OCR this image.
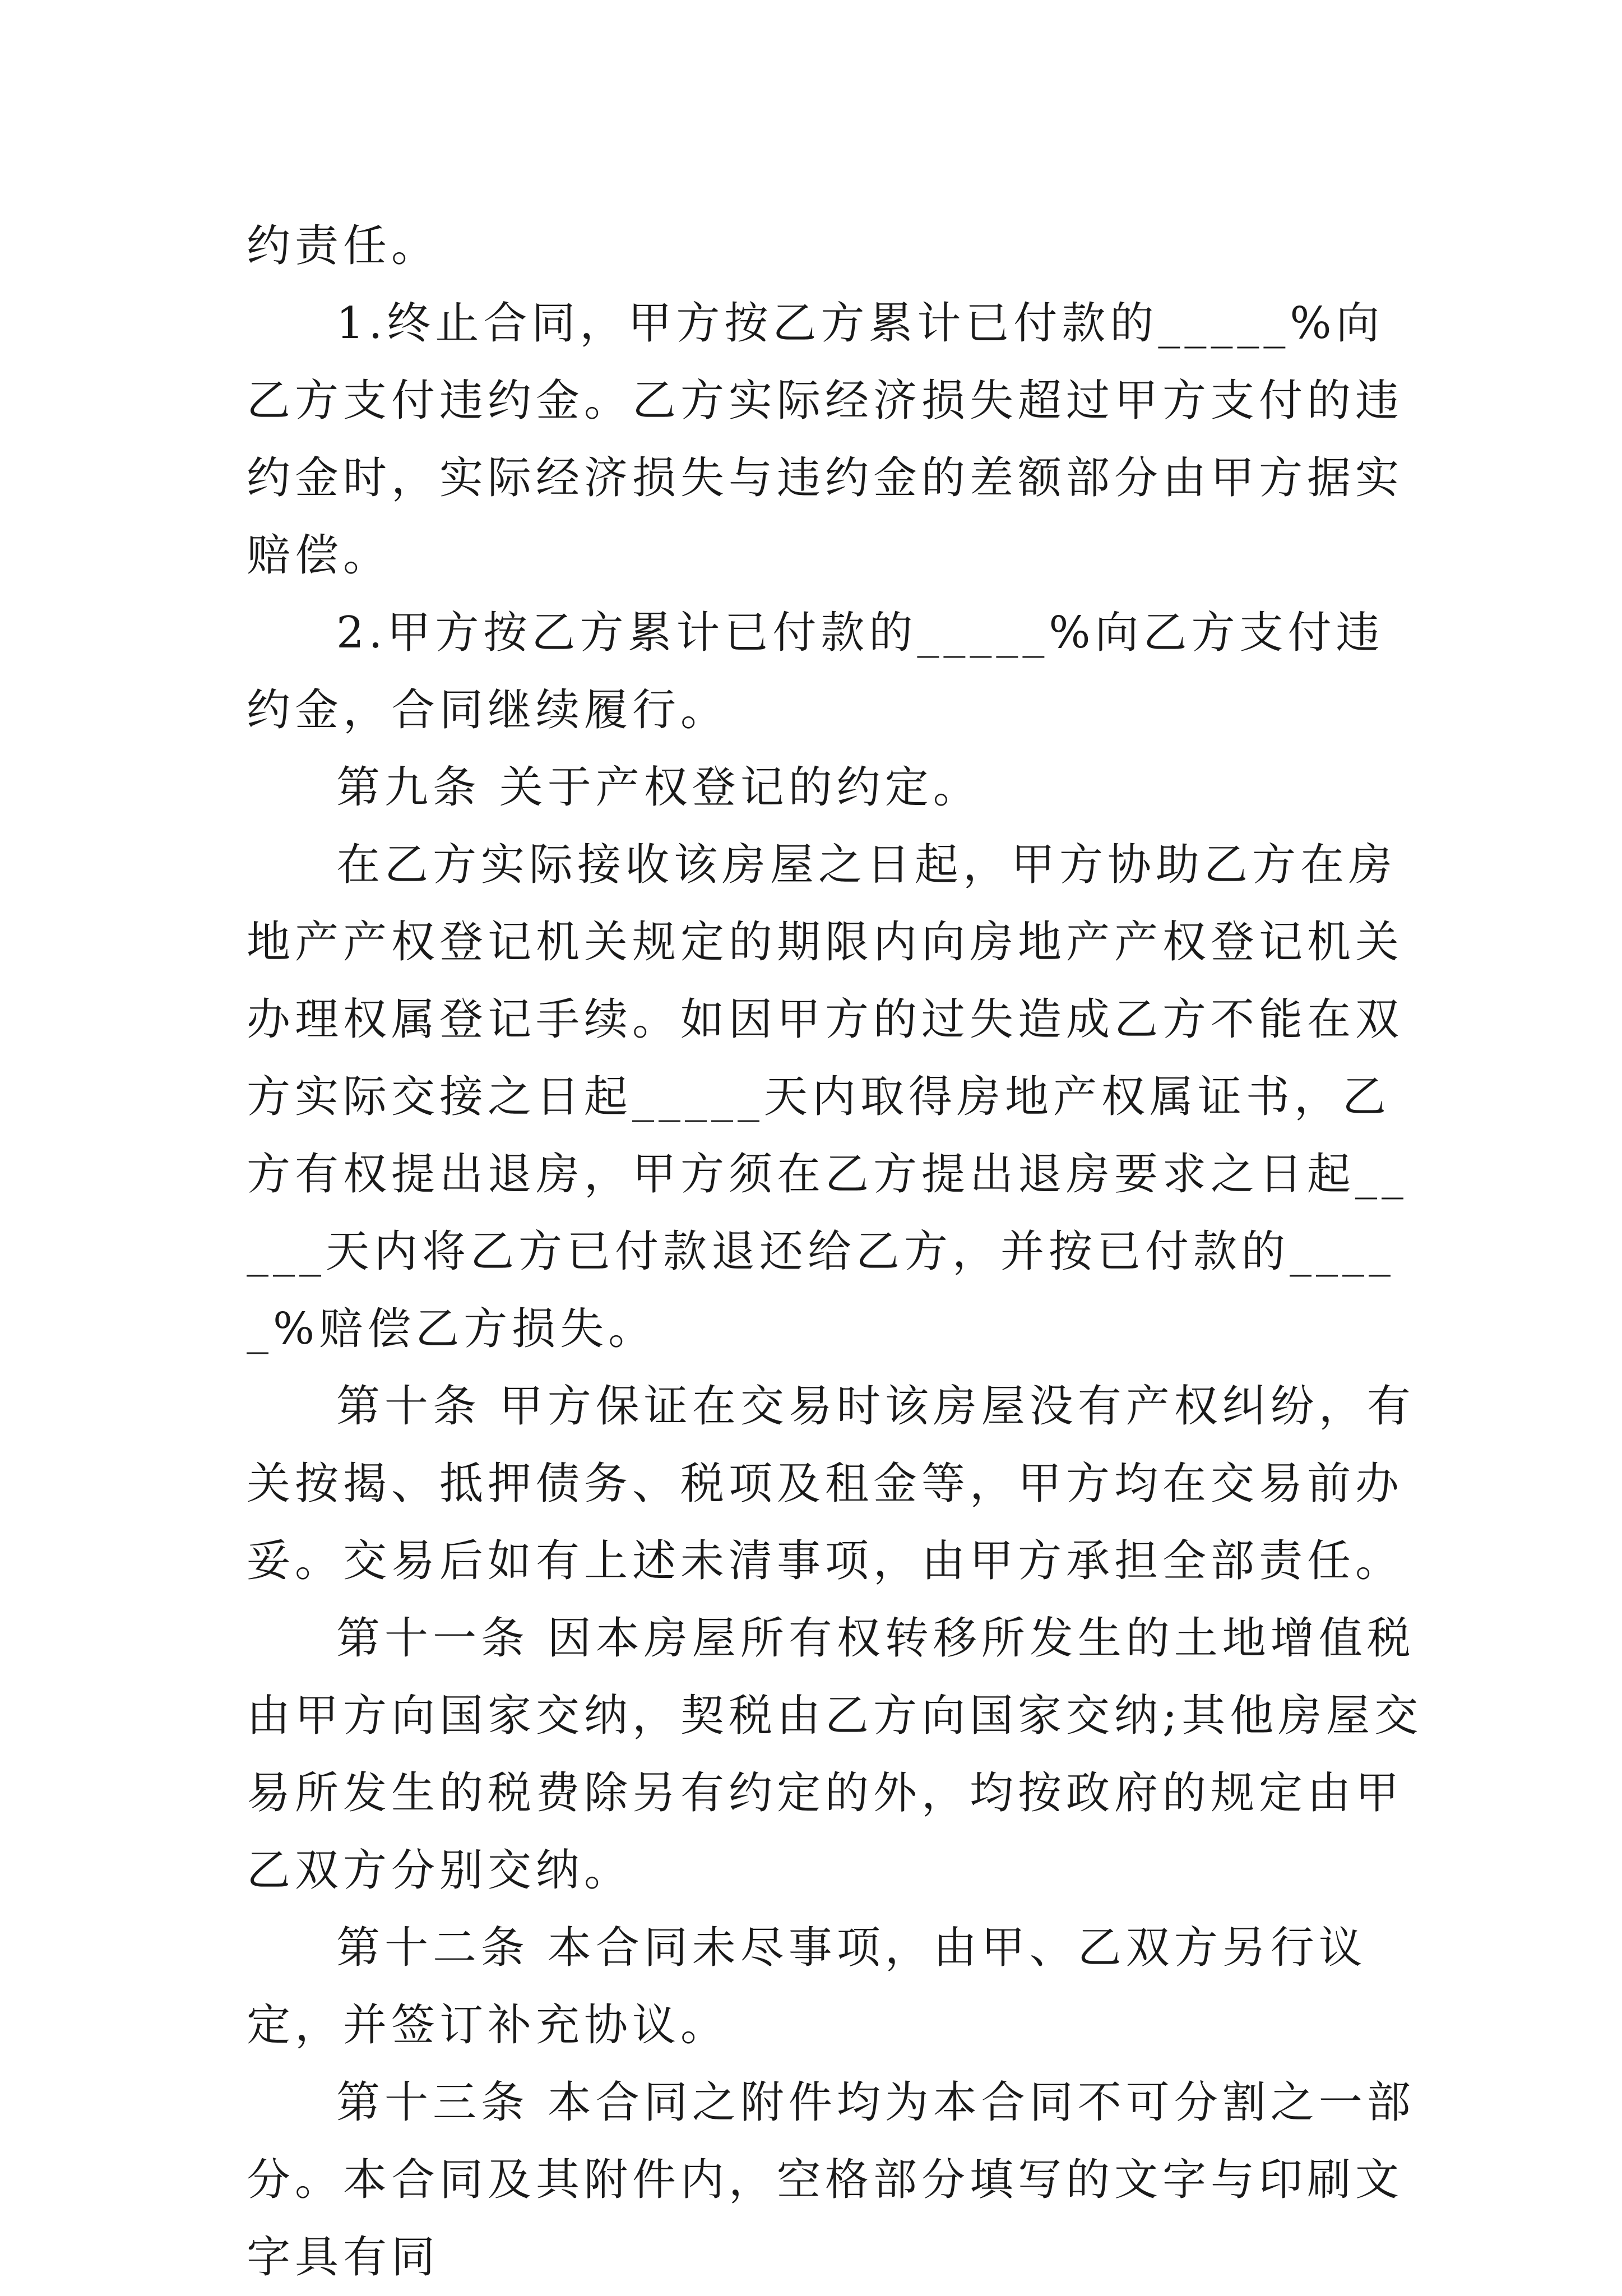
约责任。

1.终止合同，甲方按乙方累计已付款的_____%向乙方支付违约金。乙方实际经济损失超过甲方支付的违约金时，实际经济损失与违约金的差额部分由甲方据实赔偿。

2.甲方按乙方累计已付款的_____%向乙方支付违约金，合同继续履行。

第九条 关于产权登记的约定。

在乙方实际接收该房屋之日起，甲方协助乙方在房地产产权登记机关规定的期限内向房地产产权登记机关办理权属登记手续。如因甲方的过失造成乙方不能在双方实际交接之日起_____天内取得房地产权属证书，乙方有权提出退房，甲方须在乙方提出退房要求之日起_____天内将乙方已付款退还给乙方，并按已付款的_____%赔偿乙方损失。

第十条 甲方保证在交易时该房屋没有产权纠纷，有关按揭、抵押债务、税项及租金等，甲方均在交易前办妥。交易后如有上述未清事项，由甲方承担全部责任。

第十一条 因本房屋所有权转移所发生的土地增值税由甲方向国家交纳，契税由乙方向国家交纳;其他房屋交易所发生的税费除另有约定的外，均按政府的规定由甲乙双方分别交纳。

第十二条 本合同未尽事项，由甲、乙双方另行议定，并签订补充协议。

第十三条 本合同之附件均为本合同不可分割之一部分。本合同及其附件内，空格部分填写的文字与印刷文字具有同
